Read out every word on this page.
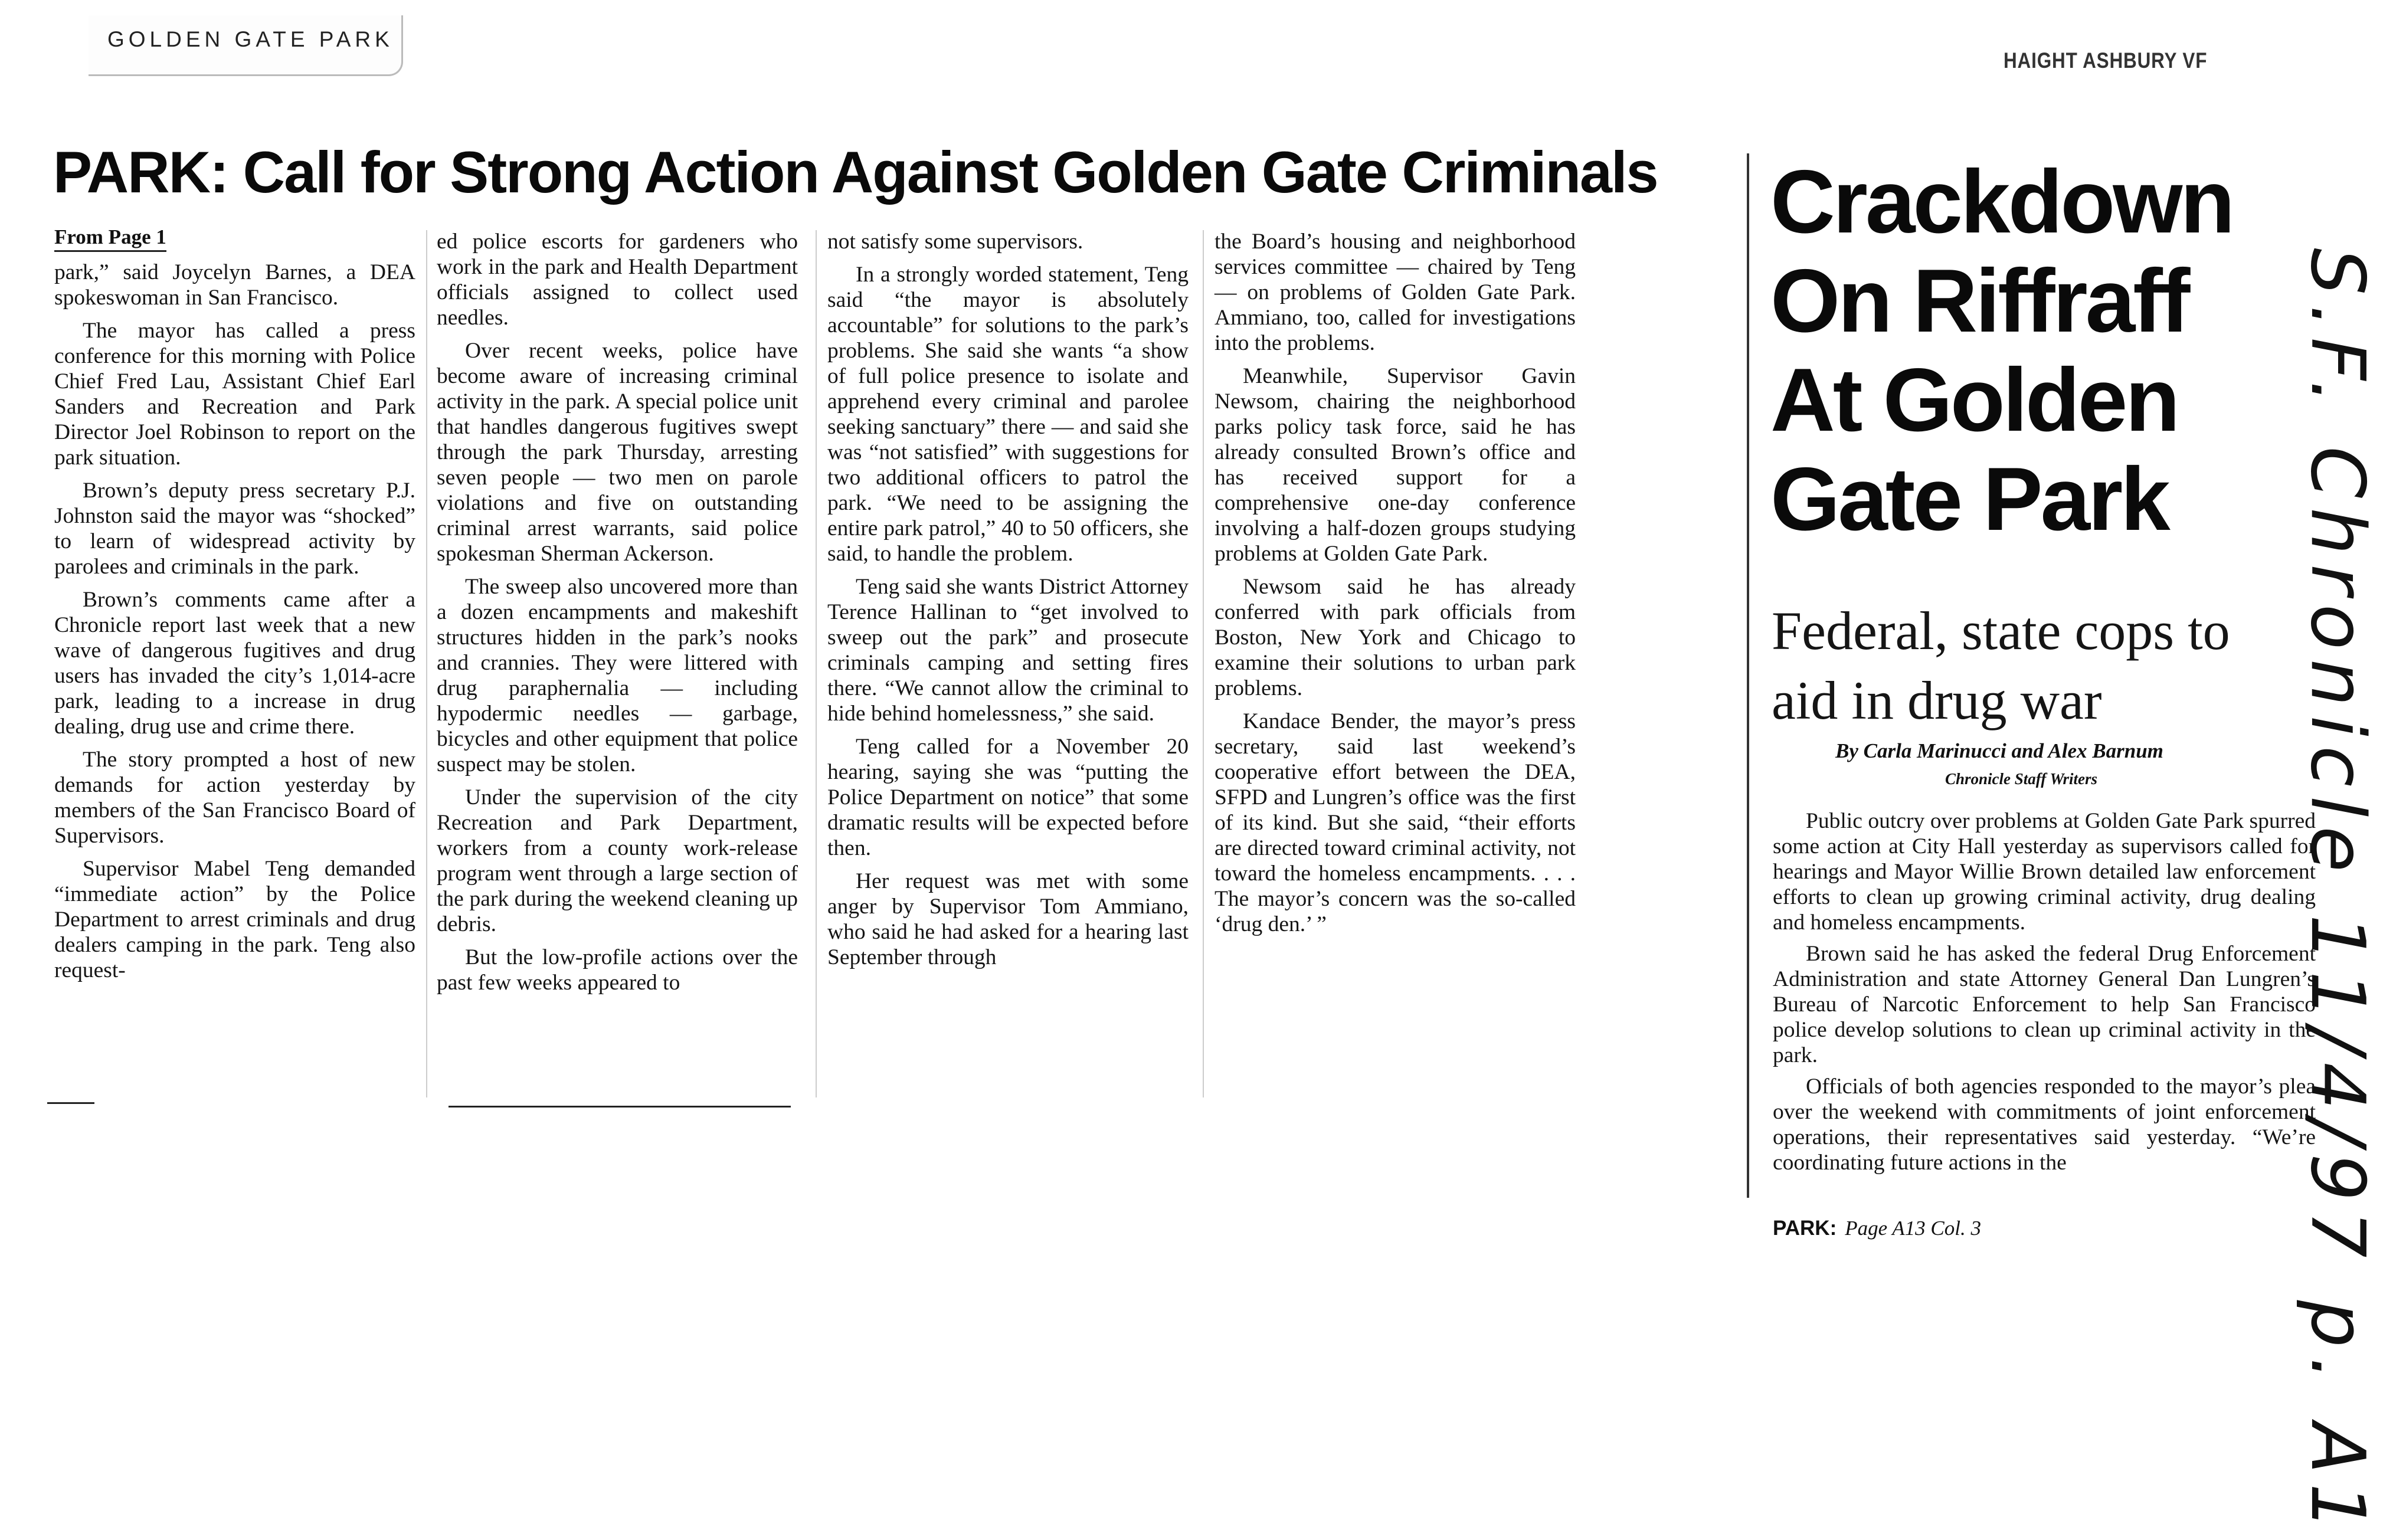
GOLDEN GATE PARK
HAIGHT ASHBURY VF
PARK: Call for Strong Action Against Golden Gate Criminals
From Page 1

park,” said Joycelyn Barnes, a DEA spokeswoman in San Francisco.

The mayor has called a press conference for this morning with Police Chief Fred Lau, Assistant Chief Earl Sanders and Recreation and Park Director Joel Robinson to report on the park situation.

Brown’s deputy press secretary P.J. Johnston said the mayor was “shocked” to learn of widespread activity by parolees and criminals in the park.

Brown’s comments came after a Chronicle report last week that a new wave of dangerous fugitives and drug users has invaded the city’s 1,014-acre park, leading to a increase in drug dealing, drug use and crime there.

The story prompted a host of new demands for action yesterday by members of the San Francisco Board of Supervisors.

Supervisor Mabel Teng demanded “immediate action” by the Police Department to arrest criminals and drug dealers camping in the park. Teng also request-

ed police escorts for gardeners who work in the park and Health Department officials assigned to collect used needles.

Over recent weeks, police have become aware of increasing criminal activity in the park. A special police unit that handles dangerous fugitives swept through the park Thursday, arresting seven people — two men on parole violations and five on outstanding criminal arrest warrants, said police spokesman Sherman Ackerson.

The sweep also uncovered more than a dozen encampments and makeshift structures hidden in the park’s nooks and crannies. They were littered with drug paraphernalia — including hypodermic needles — garbage, bicycles and other equipment that police suspect may be stolen.

Under the supervision of the city Recreation and Park Department, workers from a county work-release program went through a large section of the park during the weekend cleaning up debris.

But the low-profile actions over the past few weeks appeared to

not satisfy some supervisors.

In a strongly worded statement, Teng said “the mayor is absolutely accountable” for solutions to the park’s problems. She said she wants “a show of full police presence to isolate and apprehend every criminal and parolee seeking sanctuary” there — and said she was “not satisfied” with suggestions for two additional officers to patrol the park. “We need to be assigning the entire park patrol,” 40 to 50 officers, she said, to handle the problem.

Teng said she wants District Attorney Terence Hallinan to “get involved to sweep out the park” and prosecute criminals camping and setting fires there. “We cannot allow the criminal to hide behind homelessness,” she said.

Teng called for a November 20 hearing, saying she was “putting the Police Department on notice” that some dramatic results will be expected before then.

Her request was met with some anger by Supervisor Tom Ammiano, who said he had asked for a hearing last September through

the Board’s housing and neighborhood services committee — chaired by Teng — on problems of Golden Gate Park. Ammiano, too, called for investigations into the problems.

Meanwhile, Supervisor Gavin Newsom, chairing the neighborhood parks policy task force, said he has already consulted Brown’s office and has received support for a comprehensive one-day conference involving a half-dozen groups studying problems at Golden Gate Park.

Newsom said he has already conferred with park officials from Boston, New York and Chicago to examine their solutions to urban park problems.

Kandace Bender, the mayor’s press secretary, said last weekend’s cooperative effort between the DEA, SFPD and Lungren’s office was the first of its kind. But she said, “their efforts are directed toward criminal activity, not toward the homeless encampments. . . . The mayor’s concern was the so-called ‘drug den.’ ”

Crackdown On Riffraff At Golden Gate Park
Federal, state cops to aid in drug war
By Carla Marinucci and Alex Barnum
Chronicle Staff Writers

Public outcry over problems at Golden Gate Park spurred some action at City Hall yesterday as supervisors called for hearings and Mayor Willie Brown detailed law enforcement efforts to clean up growing criminal activity, drug dealing and homeless encampments.

Brown said he has asked the federal Drug Enforcement Administration and state Attorney General Dan Lungren’s Bureau of Narcotic Enforcement to help San Francisco police develop solutions to clean up criminal activity in the park.

Officials of both agencies responded to the mayor’s plea over the weekend with commitments of joint enforcement operations, their representatives said yesterday. “We’re coordinating future actions in the

PARK: Page A13 Col. 3	S.F. Chronicle 11/4/97 p. A1
